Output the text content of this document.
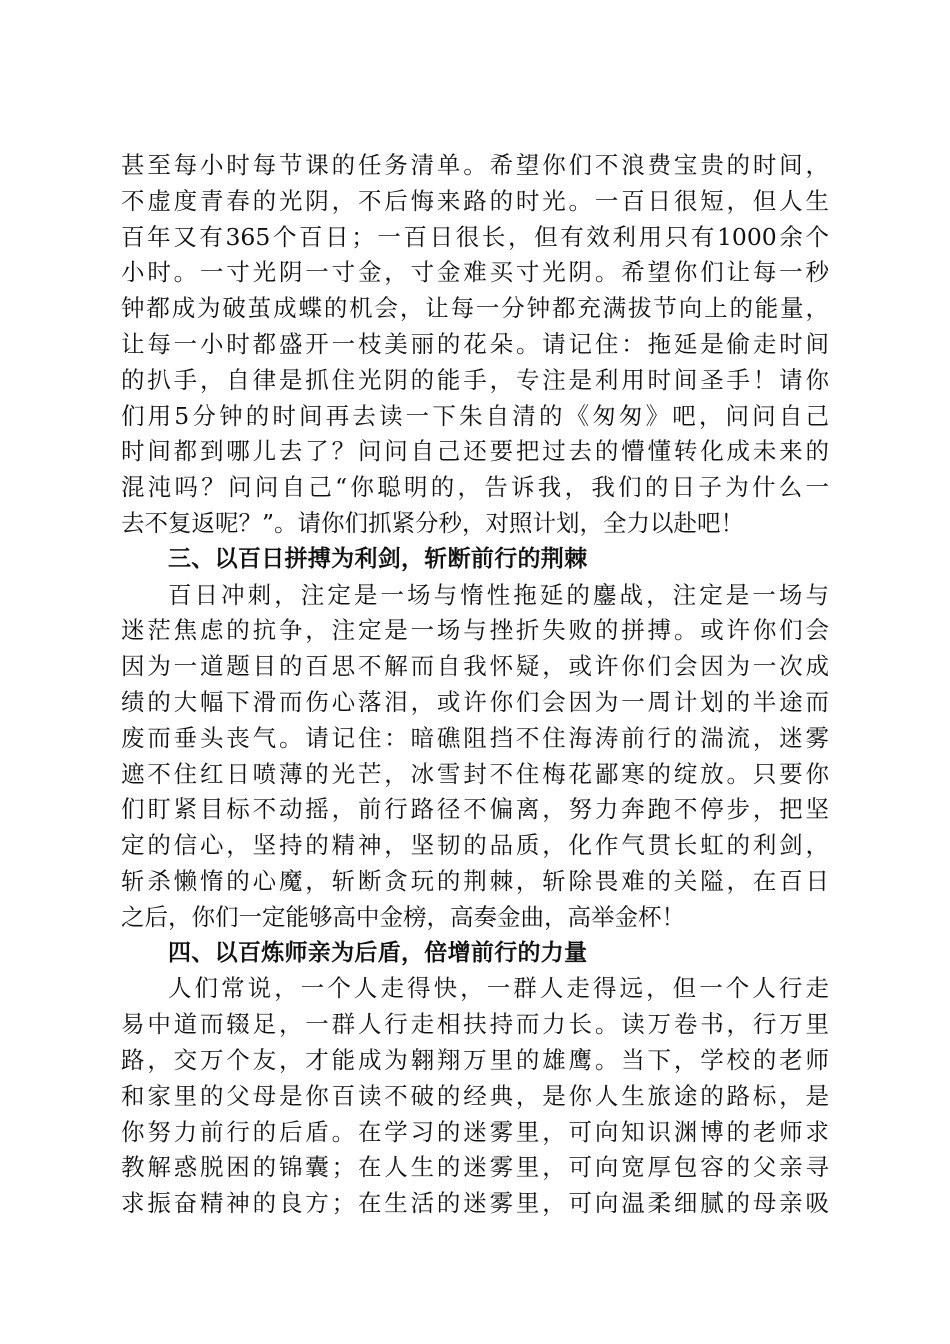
甚至每小时每节课的任务清单。希望你们不浪费宝贵的时间，
不虚度青春的光阴，不后悔来路的时光。一百日很短，但人生
百年又有365个百日；一百日很长，但有效利用只有1000余个
小时。一寸光阴一寸金，寸金难买寸光阴。希望你们让每一秒
钟都成为破茧成蝶的机会，让每一分钟都充满拔节向上的能量，
让每一小时都盛开一枝美丽的花朵。请记住：拖延是偷走时间
的扒手，自律是抓住光阴的能手，专注是利用时间圣手！请你
们用5分钟的时间再去读一下朱自清的《匆匆》吧，问问自己
时间都到哪儿去了？问问自己还要把过去的懵懂转化成未来的
混沌吗？问问自己“你聪明的，告诉我，我们的日子为什么一
去不复返呢？”。请你们抓紧分秒，对照计划，全力以赴吧！
三、以百日拼搏为利剑，斩断前行的荆棘
百日冲刺，注定是一场与惰性拖延的鏖战，注定是一场与
迷茫焦虑的抗争，注定是一场与挫折失败的拼搏。或许你们会
因为一道题目的百思不解而自我怀疑，或许你们会因为一次成
绩的大幅下滑而伤心落泪，或许你们会因为一周计划的半途而
废而垂头丧气。请记住：暗礁阻挡不住海涛前行的湍流，迷雾
遮不住红日喷薄的光芒，冰雪封不住梅花鄙寒的绽放。只要你
们盯紧目标不动摇，前行路径不偏离，努力奔跑不停步，把坚
定的信心，坚持的精神，坚韧的品质，化作气贯长虹的利剑，
斩杀懒惰的心魔，斩断贪玩的荆棘，斩除畏难的关隘，在百日
之后，你们一定能够高中金榜，高奏金曲，高举金杯！
四、以百炼师亲为后盾，倍增前行的力量
人们常说，一个人走得快，一群人走得远，但一个人行走
易中道而辍足，一群人行走相扶持而力长。读万卷书，行万里
路，交万个友，才能成为翱翔万里的雄鹰。当下，学校的老师
和家里的父母是你百读不破的经典，是你人生旅途的路标，是
你努力前行的后盾。在学习的迷雾里，可向知识渊博的老师求
教解惑脱困的锦囊；在人生的迷雾里，可向宽厚包容的父亲寻
求振奋精神的良方；在生活的迷雾里，可向温柔细腻的母亲吸
